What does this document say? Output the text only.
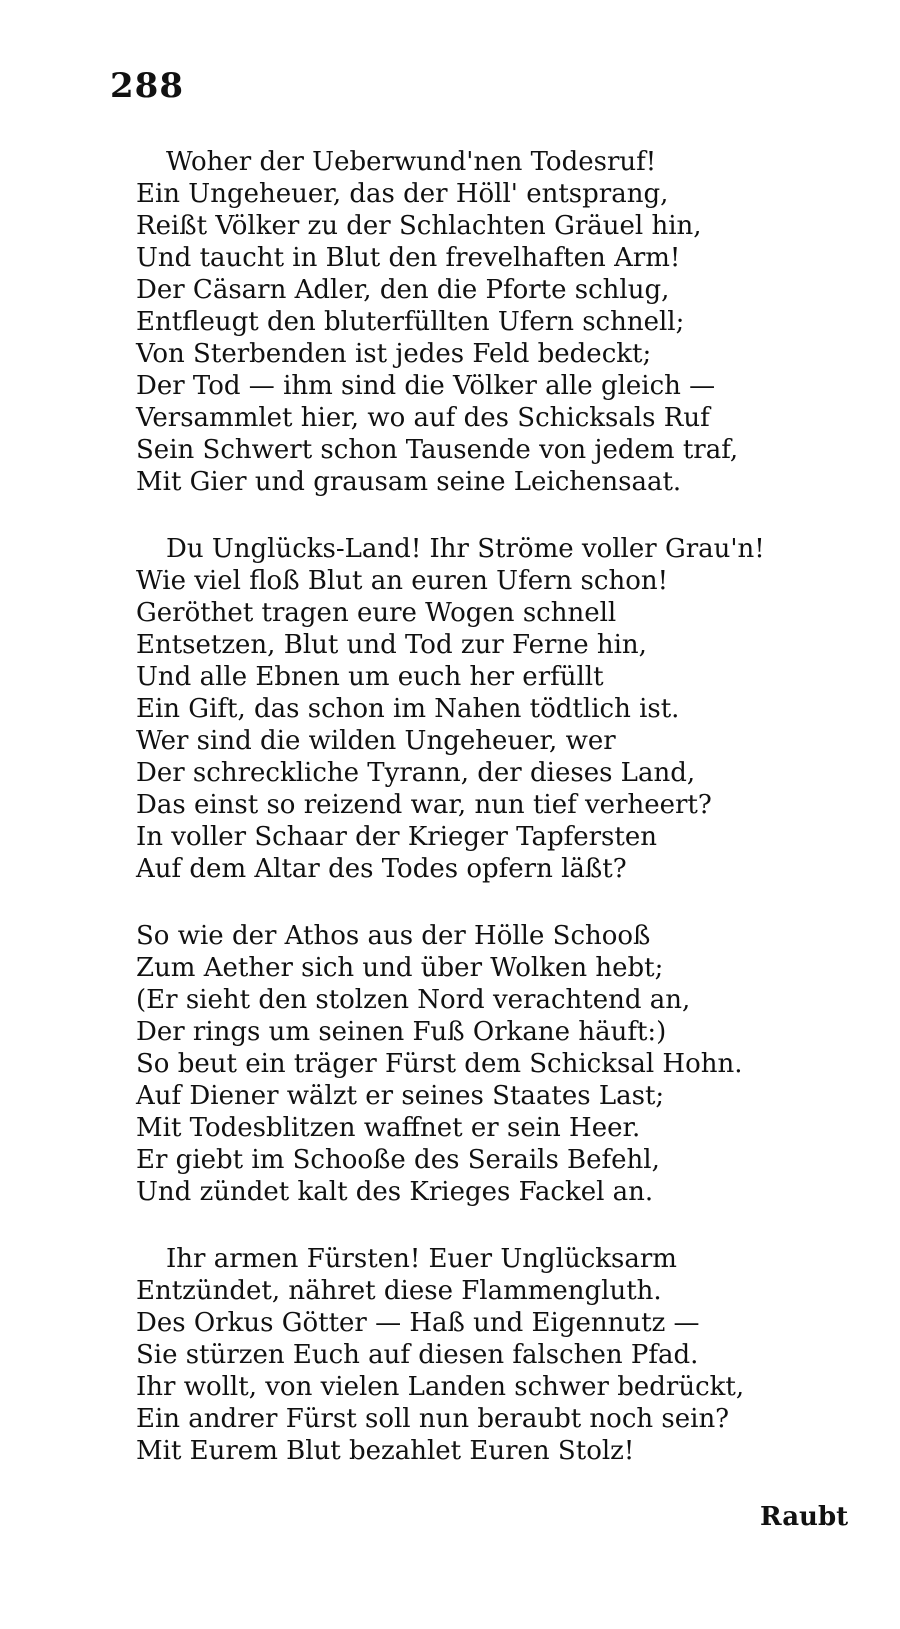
288
Woher der Ueberwund'nen Todesruf!
Ein Ungeheuer, das der Höll' entsprang,
Reißt Völker zu der Schlachten Gräuel hin,
Und taucht in Blut den frevelhaften Arm!
Der Cäsarn Adler, den die Pforte schlug,
Entfleugt den bluterfüllten Ufern schnell;
Von Sterbenden ist jedes Feld bedeckt;
Der Tod — ihm sind die Völker alle gleich —
Versammlet hier, wo auf des Schicksals Ruf
Sein Schwert schon Tausende von jedem traf,
Mit Gier und grausam seine Leichensaat.
Du Unglücks-Land! Ihr Ströme voller Grau'n!
Wie viel floß Blut an euren Ufern schon!
Geröthet tragen eure Wogen schnell
Entsetzen, Blut und Tod zur Ferne hin,
Und alle Ebnen um euch her erfüllt
Ein Gift, das schon im Nahen tödtlich ist.
Wer sind die wilden Ungeheuer, wer
Der schreckliche Tyrann, der dieses Land,
Das einst so reizend war, nun tief verheert?
In voller Schaar der Krieger Tapfersten
Auf dem Altar des Todes opfern läßt?
So wie der Athos aus der Hölle Schooß
Zum Aether sich und über Wolken hebt;
(Er sieht den stolzen Nord verachtend an,
Der rings um seinen Fuß Orkane häuft:)
So beut ein träger Fürst dem Schicksal Hohn.
Auf Diener wälzt er seines Staates Last;
Mit Todesblitzen waffnet er sein Heer.
Er giebt im Schooße des Serails Befehl,
Und zündet kalt des Krieges Fackel an.
Ihr armen Fürsten! Euer Unglücksarm
Entzündet, nähret diese Flammengluth.
Des Orkus Götter — Haß und Eigennutz —
Sie stürzen Euch auf diesen falschen Pfad.
Ihr wollt, von vielen Landen schwer bedrückt,
Ein andrer Fürst soll nun beraubt noch sein?
Mit Eurem Blut bezahlet Euren Stolz!
Raubt
